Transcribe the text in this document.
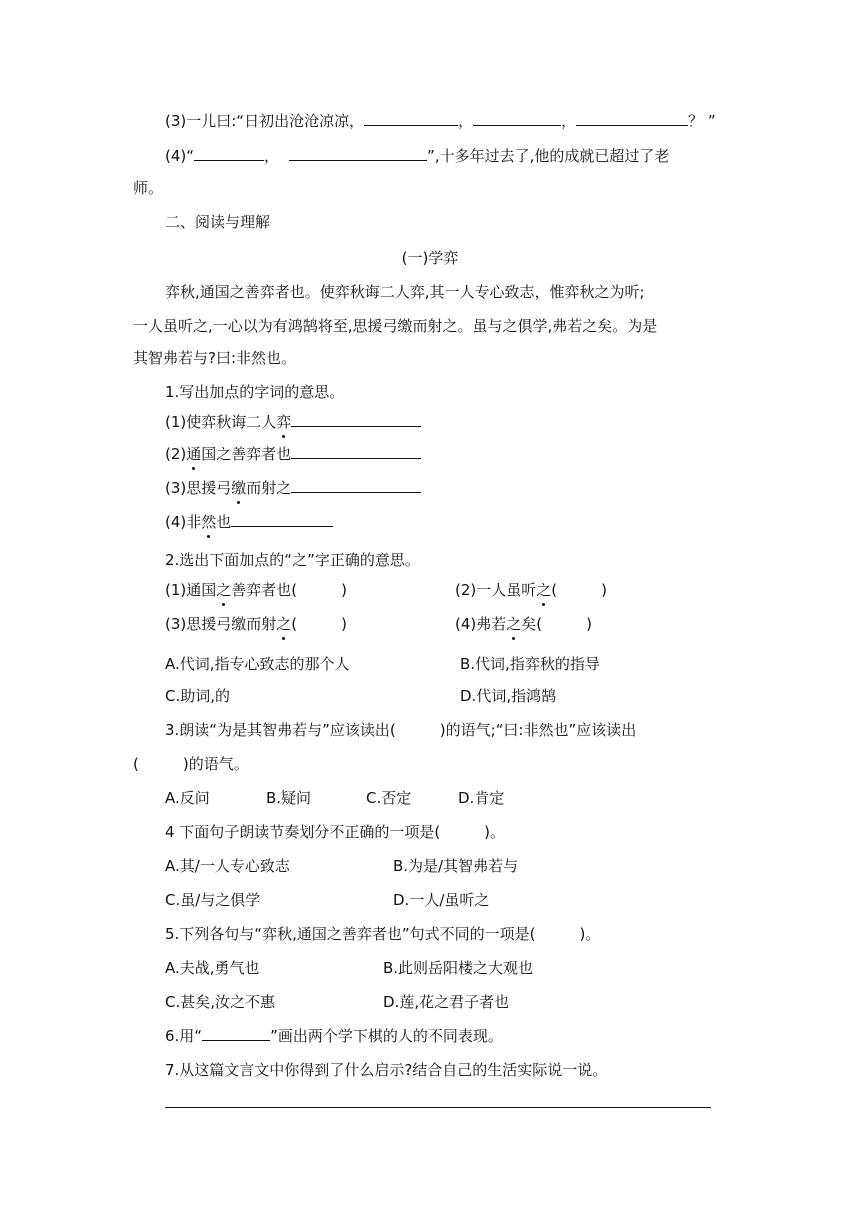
(3)一儿曰:“日初出沧沧凉凉，	，	，	？ ”
(4)“	，	”,十多年过去了,他的成就已超过了老
师。
二、阅读与理解
(一)学弈
弈秋,通国之善弈者也。使弈秋诲二人弈,其一人专心致志，惟弈秋之为听;
一人虽听之,一心以为有鸿鹄将至,思援弓缴而射之。虽与之俱学,弗若之矣。为是
其智弗若与?曰:非然也。
1.写出加点的字词的意思。
(1)使弈秋诲二人弈
(2)通国之善弈者也
(3)思援弓缴而射之
(4)非然也
2.选出下面加点的“之”字正确的意思。
(1)通国之善弈者也(	)	(2)一人虽听之(	)
(3)思援弓缴而射之(	)	(4)弗若之矣(	)
A.代词,指专心致志的那个人	B.代词,指弈秋的指导
C.助词,的	D.代词,指鸿鹄
3.朗读“为是其智弗若与”应该读出(	)的语气;“曰:非然也”应该读出
(	)的语气。
A.反问	B.疑问	C.否定	D.肯定
4 下面句子朗读节奏划分不正确的一项是(	)。
A.其/一人专心致志	B.为是/其智弗若与
C.虽/与之俱学	D.一人/虽听之
5.下列各句与“弈秋,通国之善弈者也”句式不同的一项是(	)。
A.夫战,勇气也	B.此则岳阳楼之大观也
C.甚矣,汝之不惠	D.莲,花之君子者也
6.用“	”画出两个学下棋的人的不同表现。
7.从这篇文言文中你得到了什么启示?结合自己的生活实际说一说。
